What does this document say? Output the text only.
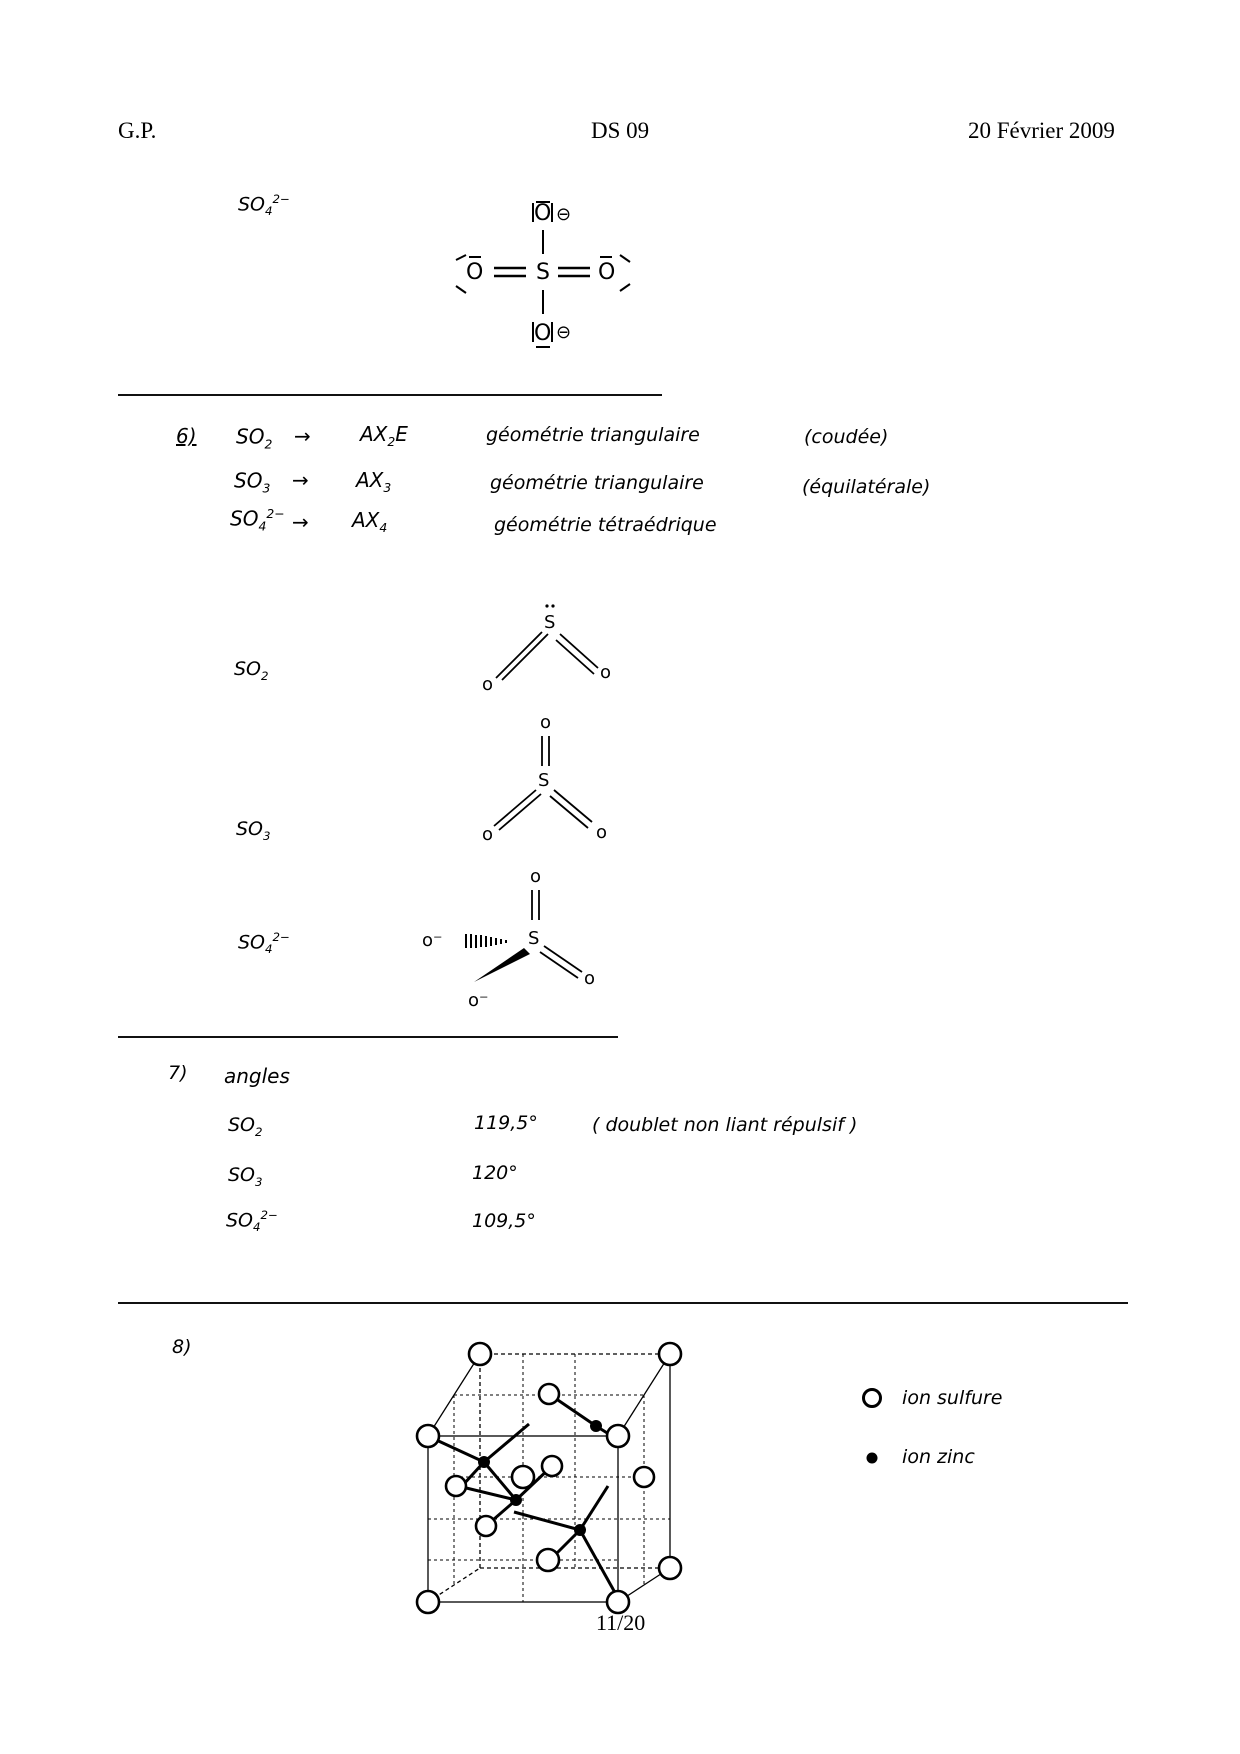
G.P.	DS 09	20 Février 2009
$SO_4^{2-}$
O ⊖
S
O	O
O ⊖
6) $SO_2 \to AX_2E$	géométrie triangulaire	(coudée)
$SO_3 \to AX_3$	géométrie triangulaire	(équilatérale)
$SO_4^{2-} \to AX_4$	géométrie tétraédrique
$SO_2$
$SO_3$
$SO_4^{2-}$
S
o
o
o
S
o	o
o
S
o⁻
o
o⁻
7) angles
$SO_2$	119,5°	( doublet non liant répulsif )
$SO_3$	120°
$SO_4^{2-}$	109,5°
8)
ion sulfure
ion zinc
11/20
